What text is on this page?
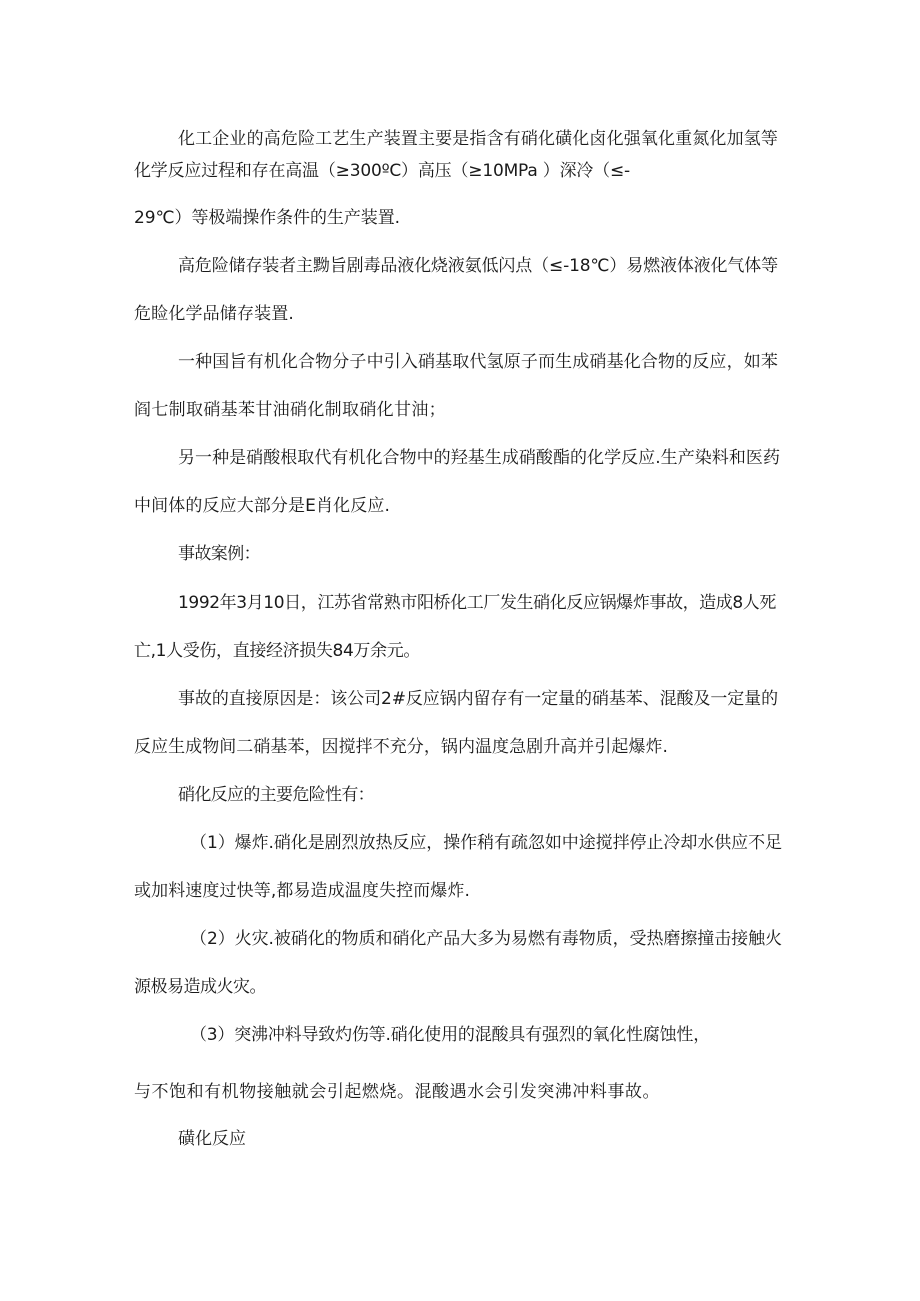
化工企业的高危险工艺生产装置主要是指含有硝化磺化卤化强氧化重氮化加氢等
化学反应过程和存在高温（≥300ºC）高压（≥10MPa ）深冷（≤-
29℃）等极端操作条件的生产装置.
高危险储存装者主黝旨剧毒品液化烧液氨低闪点（≤-18℃）易燃液体液化气体等
危睑化学品储存装置.
一种国旨有机化合物分子中引入硝基取代氢原子而生成硝基化合物的反应，如苯
阎七制取硝基苯甘油硝化制取硝化甘油；
另一种是硝酸根取代有机化合物中的羟基生成硝酸酯的化学反应.生产染料和医药
中间体的反应大部分是E肖化反应.
事故案例：
1992年3月10日，江苏省常熟市阳桥化工厂发生硝化反应锅爆炸事故，造成8人死
亡,1人受伤，直接经济损失84万余元。
事故的直接原因是：该公司2#反应锅内留存有一定量的硝基苯、混酸及一定量的
反应生成物间二硝基苯，因搅拌不充分，锅内温度急剧升高并引起爆炸.
硝化反应的主要危险性有：
（1）爆炸.硝化是剧烈放热反应，操作稍有疏忽如中途搅拌停止冷却水供应不足
或加料速度过快等,都易造成温度失控而爆炸.
（2）火灾.被硝化的物质和硝化产品大多为易燃有毒物质，受热磨擦撞击接触火
源极易造成火灾。
（3）突沸冲料导致灼伤等.硝化使用的混酸具有强烈的氧化性腐蚀性，
与不饱和有机物接触就会引起燃烧。混酸遇水会引发突沸冲料事故。
磺化反应
